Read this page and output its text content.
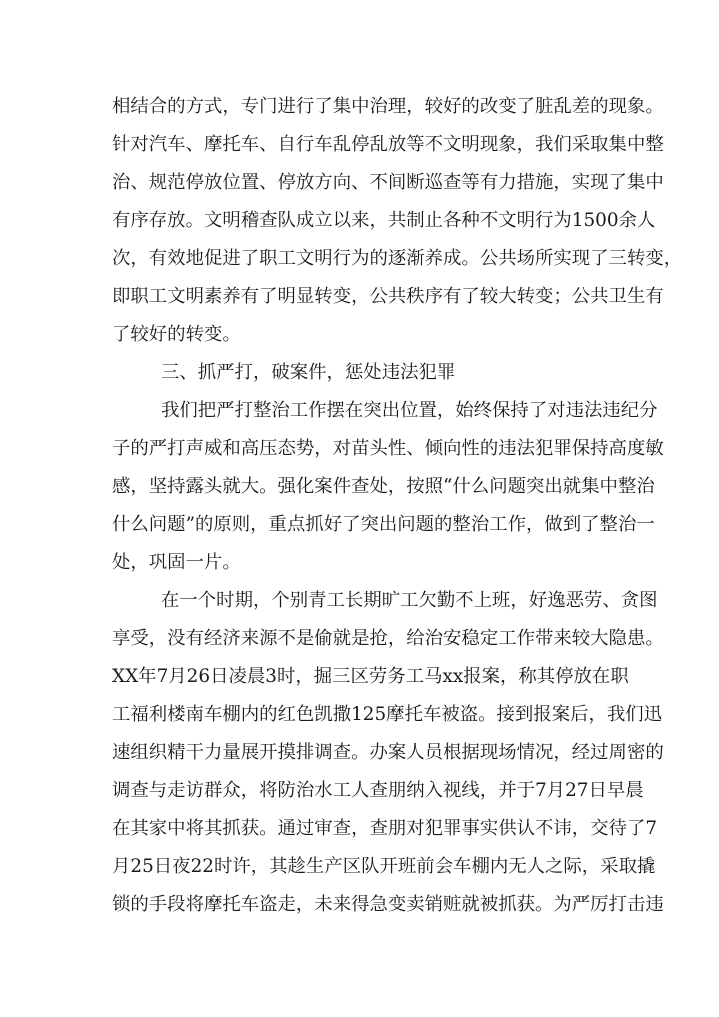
相结合的方式，专门进行了集中治理，较好的改变了脏乱差的现象。
针对汽车、摩托车、自行车乱停乱放等不文明现象，我们采取集中整
治、规范停放位置、停放方向、不间断巡查等有力措施，实现了集中
有序存放。文明稽查队成立以来，共制止各种不文明行为1500余人
次，有效地促进了职工文明行为的逐渐养成。公共场所实现了三转变，
即职工文明素养有了明显转变，公共秩序有了较大转变；公共卫生有
了较好的转变。
三、抓严打，破案件，惩处违法犯罪
我们把严打整治工作摆在突出位置，始终保持了对违法违纪分
子的严打声威和高压态势，对苗头性、倾向性的违法犯罪保持高度敏
感，坚持露头就大。强化案件查处，按照“什么问题突出就集中整治
什么问题”的原则，重点抓好了突出问题的整治工作，做到了整治一
处，巩固一片。
在一个时期，个别青工长期旷工欠勤不上班，好逸恶劳、贪图
享受，没有经济来源不是偷就是抢，给治安稳定工作带来较大隐患。
XX年7月26日凌晨3时，掘三区劳务工马xx报案，称其停放在职
工福利楼南车棚内的红色凯撒125摩托车被盗。接到报案后，我们迅
速组织精干力量展开摸排调查。办案人员根据现场情况，经过周密的
调查与走访群众，将防治水工人查朋纳入视线，并于7月27日早晨
在其家中将其抓获。通过审查，查朋对犯罪事实供认不讳，交待了7
月25日夜22时许，其趁生产区队开班前会车棚内无人之际，采取撬
锁的手段将摩托车盗走，未来得急变卖销赃就被抓获。为严厉打击违
